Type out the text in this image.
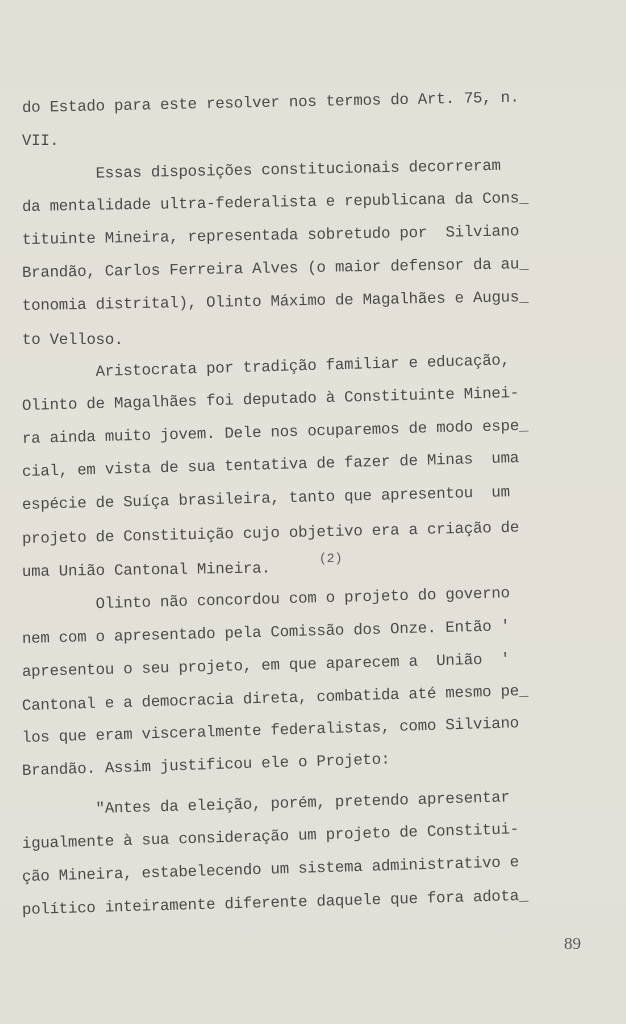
do Estado para este resolver nos termos do Art. 75, n.
VII.
Essas disposições constitucionais decorreram
da mentalidade ultra-federalista e republicana da Cons_
tituinte Mineira, representada sobretudo por  Silviano
Brandão, Carlos Ferreira Alves (o maior defensor da au_
tonomia distrital), Olinto Máximo de Magalhães e Augus_
to Velloso.
Aristocrata por tradição familiar e educação,
Olinto de Magalhães foi deputado à Constituinte Minei-
ra ainda muito jovem. Dele nos ocuparemos de modo espe_
cial, em vista de sua tentativa de fazer de Minas  uma
espécie de Suíça brasileira, tanto que apresentou  um
projeto de Constituição cujo objetivo era a criação de
(2)
uma União Cantonal Mineira.
Olinto não concordou com o projeto do governo
nem com o apresentado pela Comissão dos Onze. Então '
apresentou o seu projeto, em que aparecem a  União  '
Cantonal e a democracia direta, combatida até mesmo pe_
los que eram visceralmente federalistas, como Silviano
Brandão. Assim justificou ele o Projeto:
"Antes da eleição, porém, pretendo apresentar
igualmente à sua consideração um projeto de Constitui-
ção Mineira, estabelecendo um sistema administrativo e
político inteiramente diferente daquele que fora adota_
89
